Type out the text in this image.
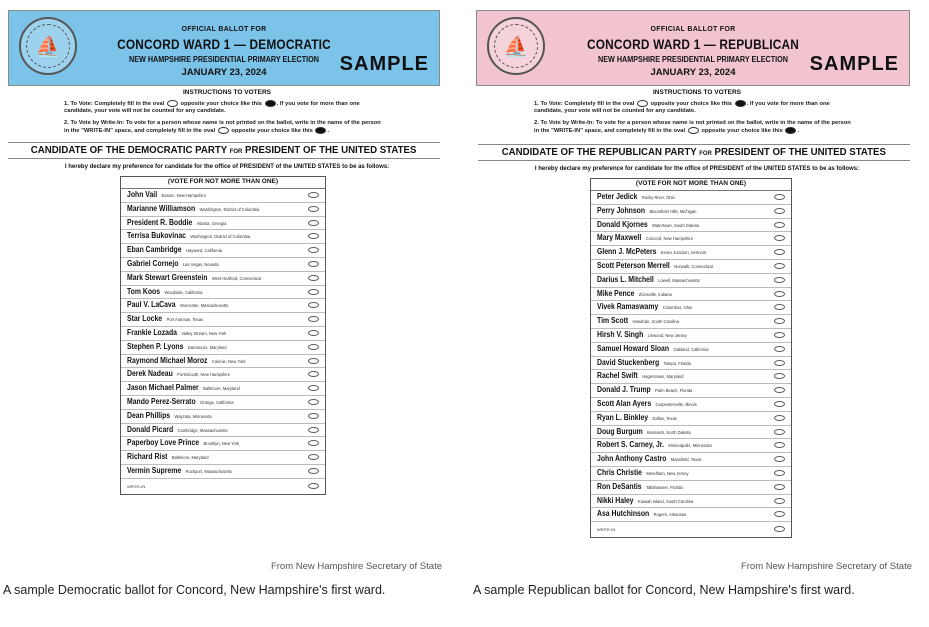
⛵
OFFICIAL BALLOT FOR
CONCORD WARD 1 — DEMOCRATIC
NEW HAMPSHIRE PRESIDENTIAL PRIMARY ELECTION
JANUARY 23, 2024	SAMPLE
INSTRUCTIONS TO VOTERS
1. To Vote: Completely fill in the oval	opposite your choice like this	. If you vote for more than one candidate, your vote will not be counted for any candidate.
2. To Vote by Write-In: To vote for a person whose name is not printed on the ballot, write in the name of the person in the "WRITE-IN" space, and completely fill in the oval	opposite your choice like this	.
CANDIDATE OF THE DEMOCRATIC PARTY FOR PRESIDENT OF THE UNITED STATES
I hereby declare my preference for candidate for the office of PRESIDENT of the UNITED STATES to be as follows:
(VOTE FOR NOT MORE THAN ONE)
John Vail Easton, New Hampshire
Marianne Williamson Washington, District of Columbia
President R. Boddie Atlanta, Georgia
Terrisa Bukovinac Washington, District of Columbia
Eban Cambridge Hayward, California
Gabriel Cornejo Las Vegas, Nevada
Mark Stewart Greenstein West Hartford, Connecticut
Tom Koos Woodside, California
Paul V. LaCava Worcester, Massachusetts
Star Locke Port Aransas, Texas
Frankie Lozada Valley Stream, New York
Stephen P. Lyons Damascus, Maryland
Raymond Michael Moroz Colonie, New York
Derek Nadeau Portsmouth, New Hampshire
Jason Michael Palmer Baltimore, Maryland
Mando Perez-Serrato Orange, California
Dean Phillips Wayzata, Minnesota
Donald Picard Cambridge, Massachusetts
Paperboy Love Prince Brooklyn, New York
Richard Rist Baltimore, Maryland
Vermin Supreme Rockport, Massachusetts
WRITE-IN
From New Hampshire Secretary of State
A sample Democratic ballot for Concord, New Hampshire's first ward.
⛵
OFFICIAL BALLOT FOR
CONCORD WARD 1 — REPUBLICAN
NEW HAMPSHIRE PRESIDENTIAL PRIMARY ELECTION
JANUARY 23, 2024	SAMPLE
INSTRUCTIONS TO VOTERS
1. To Vote: Completely fill in the oval	opposite your choice like this	. If you vote for more than one candidate, your vote will not be counted for any candidate.
2. To Vote by Write-In: To vote for a person whose name is not printed on the ballot, write in the name of the person in the "WRITE-IN" space, and completely fill in the oval	opposite your choice like this	.
CANDIDATE OF THE REPUBLICAN PARTY FOR PRESIDENT OF THE UNITED STATES
I hereby declare my preference for candidate for the office of PRESIDENT of the UNITED STATES to be as follows:
(VOTE FOR NOT MORE THAN ONE)
Peter Jedick Rocky River, Ohio
Perry Johnson Bloomfield Hills, Michigan
Donald Kjornes Watertown, South Dakota
Mary Maxwell Concord, New Hampshire
Glenn J. McPeters Essex Junction, Vermont
Scott Peterson Merrell Norwalk, Connecticut
Darius L. Mitchell Lowell, Massachusetts
Mike Pence Zionsville, Indiana
Vivek Ramaswamy Columbus, Ohio
Tim Scott Hanahan, South Carolina
Hirsh V. Singh Linwood, New Jersey
Samuel Howard Sloan Oakland, California
David Stuckenberg Tampa, Florida
Rachel Swift Hagerstown, Maryland
Donald J. Trump Palm Beach, Florida
Scott Alan Ayers Carpentersville, Illinois
Ryan L. Binkley Dallas, Texas
Doug Burgum Bismarck, North Dakota
Robert S. Carney, Jr. Minneapolis, Minnesota
John Anthony Castro Mansfield, Texas
Chris Christie Mendham, New Jersey
Ron DeSantis Tallahassee, Florida
Nikki Haley Kiawah Island, South Carolina
Asa Hutchinson Rogers, Arkansas
WRITE-IN
From New Hampshire Secretary of State
A sample Republican ballot for Concord, New Hampshire's first ward.
